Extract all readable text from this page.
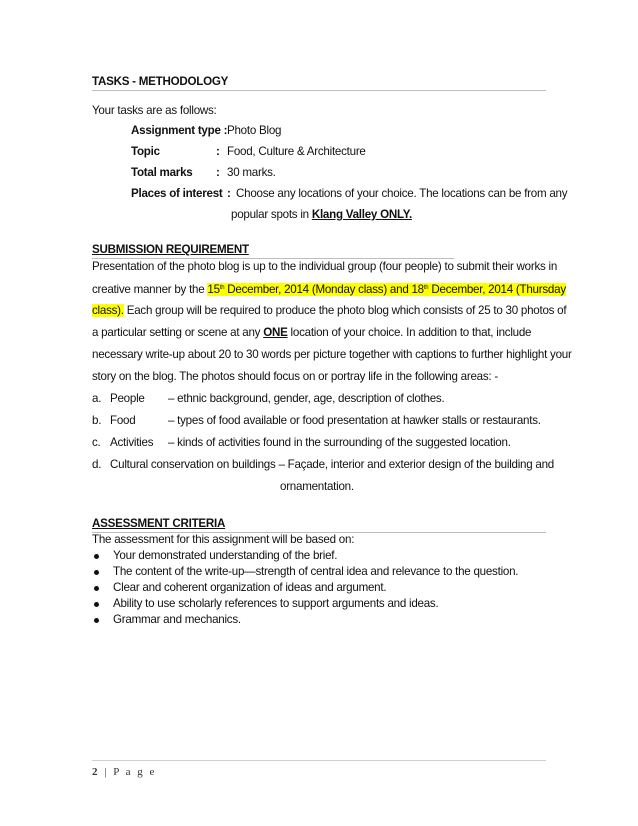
TASKS - METHODOLOGY
Your tasks are as follows:
Assignment type : Photo Blog
Topic	: Food, Culture & Architecture
Total marks : 30 marks.
Places of interest : Choose any locations of your choice. The locations can be from any
popular spots in Klang Valley ONLY.
SUBMISSION REQUIREMENT
Presentation of the photo blog is up to the individual group (four people) to submit their works in
creative manner by the 15th December, 2014 (Monday class) and 18th December, 2014 (Thursday
class). Each group will be required to produce the photo blog which consists of 25 to 30 photos of
a particular setting or scene at any ONE location of your choice. In addition to that, include
necessary write-up about 20 to 30 words per picture together with captions to further highlight your
story on the blog. The photos should focus on or portray life in the following areas: -
a. People – ethnic background, gender, age, description of clothes.
b. Food	– types of food available or food presentation at hawker stalls or restaurants.
c. Activities – kinds of activities found in the surrounding of the suggested location.
d. Cultural conservation on buildings – Façade, interior and exterior design of the building and
ornamentation.
ASSESSMENT CRITERIA
The assessment for this assignment will be based on:
Your demonstrated understanding of the brief.
The content of the write-up—strength of central idea and relevance to the question.
Clear and coherent organization of ideas and argument.
Ability to use scholarly references to support arguments and ideas.
Grammar and mechanics.
2 | P a g e
